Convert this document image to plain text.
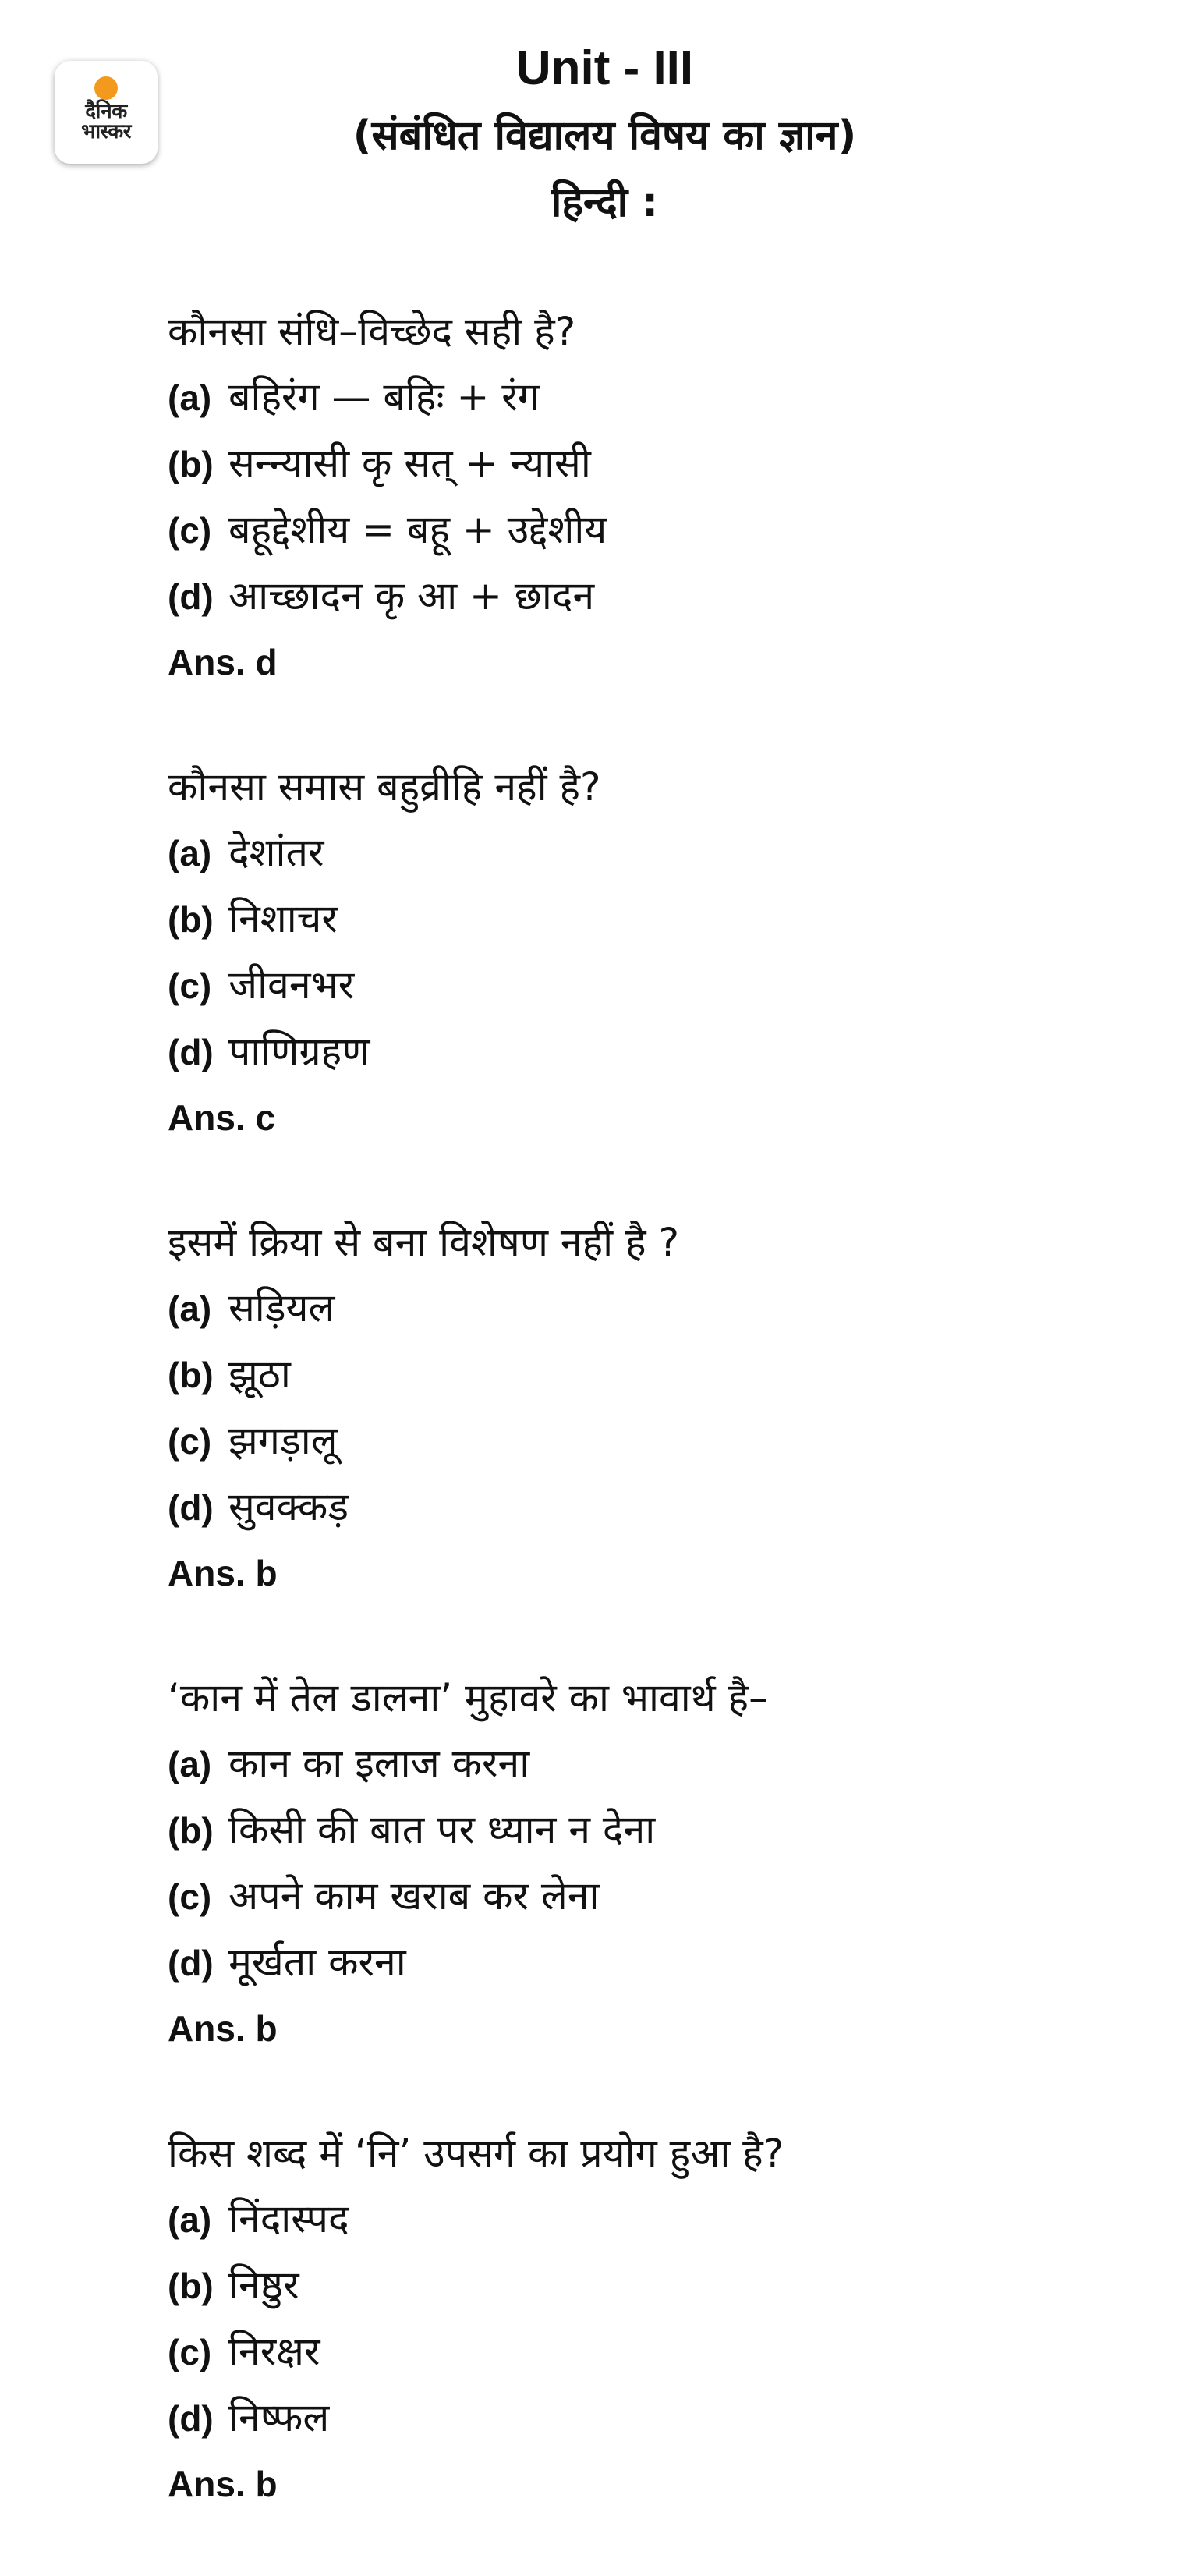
दैनिक
भास्कर
Unit - III
(संबंधित विद्यालय विषय का ज्ञान)
हिन्दी :
कौनसा संधि–विच्छेद सही है?
(a) बहिरंग — बहिः + रंग
(b) सन्न्यासी कृ सत् + न्यासी
(c) बहूद्देशीय = बहू + उद्देशीय
(d) आच्छादन कृ आ + छादन
Ans. d
कौनसा समास बहुव्रीहि नहीं है?
(a) देशांतर
(b) निशाचर
(c) जीवनभर
(d) पाणिग्रहण
Ans. c
इसमें क्रिया से बना विशेषण नहीं है ?
(a) सड़ियल
(b) झूठा
(c) झगड़ालू
(d) सुवक्कड़
Ans. b
‘कान में तेल डालना’ मुहावरे का भावार्थ है–
(a) कान का इलाज करना
(b) किसी की बात पर ध्यान न देना
(c) अपने काम खराब कर लेना
(d) मूर्खता करना
Ans. b
किस शब्द में ‘नि’ उपसर्ग का प्रयोग हुआ है?
(a) निंदास्पद
(b) निष्ठुर
(c) निरक्षर
(d) निष्फल
Ans. b
